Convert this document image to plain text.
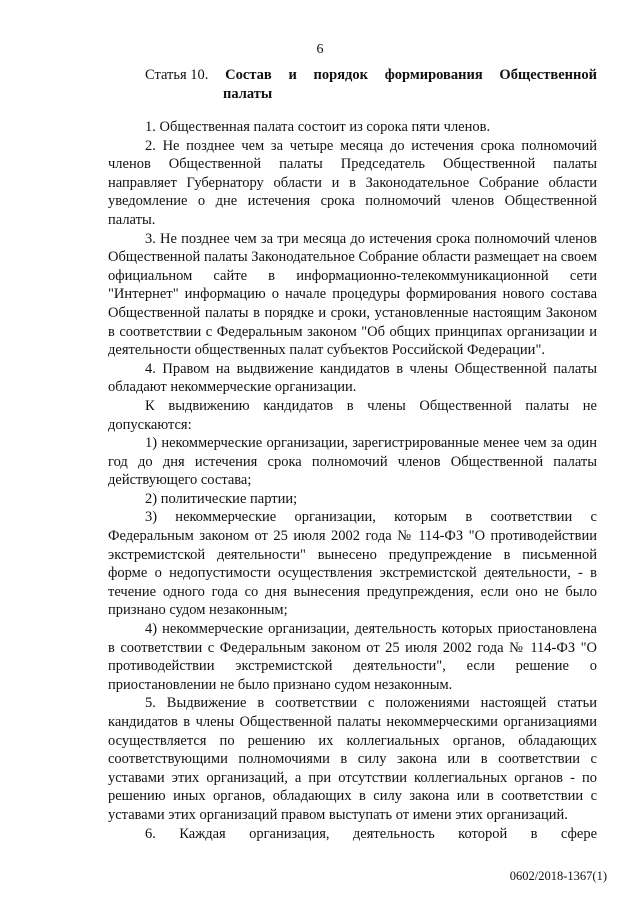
6
Статья 10. Состав и порядок формирования Общественной
палаты

1. Общественная палата состоит из сорока пяти членов.

2. Не позднее чем за четыре месяца до истечения срока полномочий членов Общественной палаты Председатель Общественной палаты направляет Губернатору области и в Законодательное Собрание области уведомление о дне истечения срока полномочий членов Общественной палаты.

3. Не позднее чем за три месяца до истечения срока полномочий членов Общественной палаты Законодательное Собрание области размещает на своем официальном сайте в информационно-телекоммуникационной сети "Интернет" информацию о начале процедуры формирования нового состава Общественной палаты в порядке и сроки, установленные настоящим Законом в соответствии с Федеральным законом "Об общих принципах организации и деятельности общественных палат субъектов Российской Федерации".

4. Правом на выдвижение кандидатов в члены Общественной палаты обладают некоммерческие организации.

К выдвижению кандидатов в члены Общественной палаты не допускаются:

1) некоммерческие организации, зарегистрированные менее чем за один год до дня истечения срока полномочий членов Общественной палаты действующего состава;

2) политические партии;

3) некоммерческие организации, которым в соответствии с Федеральным законом от 25 июля 2002 года № 114-ФЗ "О противодействии экстремистской деятельности" вынесено предупреждение в письменной форме о недопустимости осуществления экстремистской деятельности, - в течение одного года со дня вынесения предупреждения, если оно не было признано судом незаконным;

4) некоммерческие организации, деятельность которых приостановлена в соответствии с Федеральным законом от 25 июля 2002 года № 114-ФЗ "О противодействии экстремистской деятельности", если решение о приостановлении не было признано судом незаконным.

5. Выдвижение в соответствии с положениями настоящей статьи кандидатов в члены Общественной палаты некоммерческими организациями осуществляется по решению их коллегиальных органов, обладающих соответствующими полномочиями в силу закона или в соответствии с уставами этих организаций, а при отсутствии коллегиальных органов - по решению иных органов, обладающих в силу закона или в соответствии с уставами этих организаций правом выступать от имени этих организаций.

6. Каждая организация, деятельность которой в сфере

0602/2018-1367(1)
